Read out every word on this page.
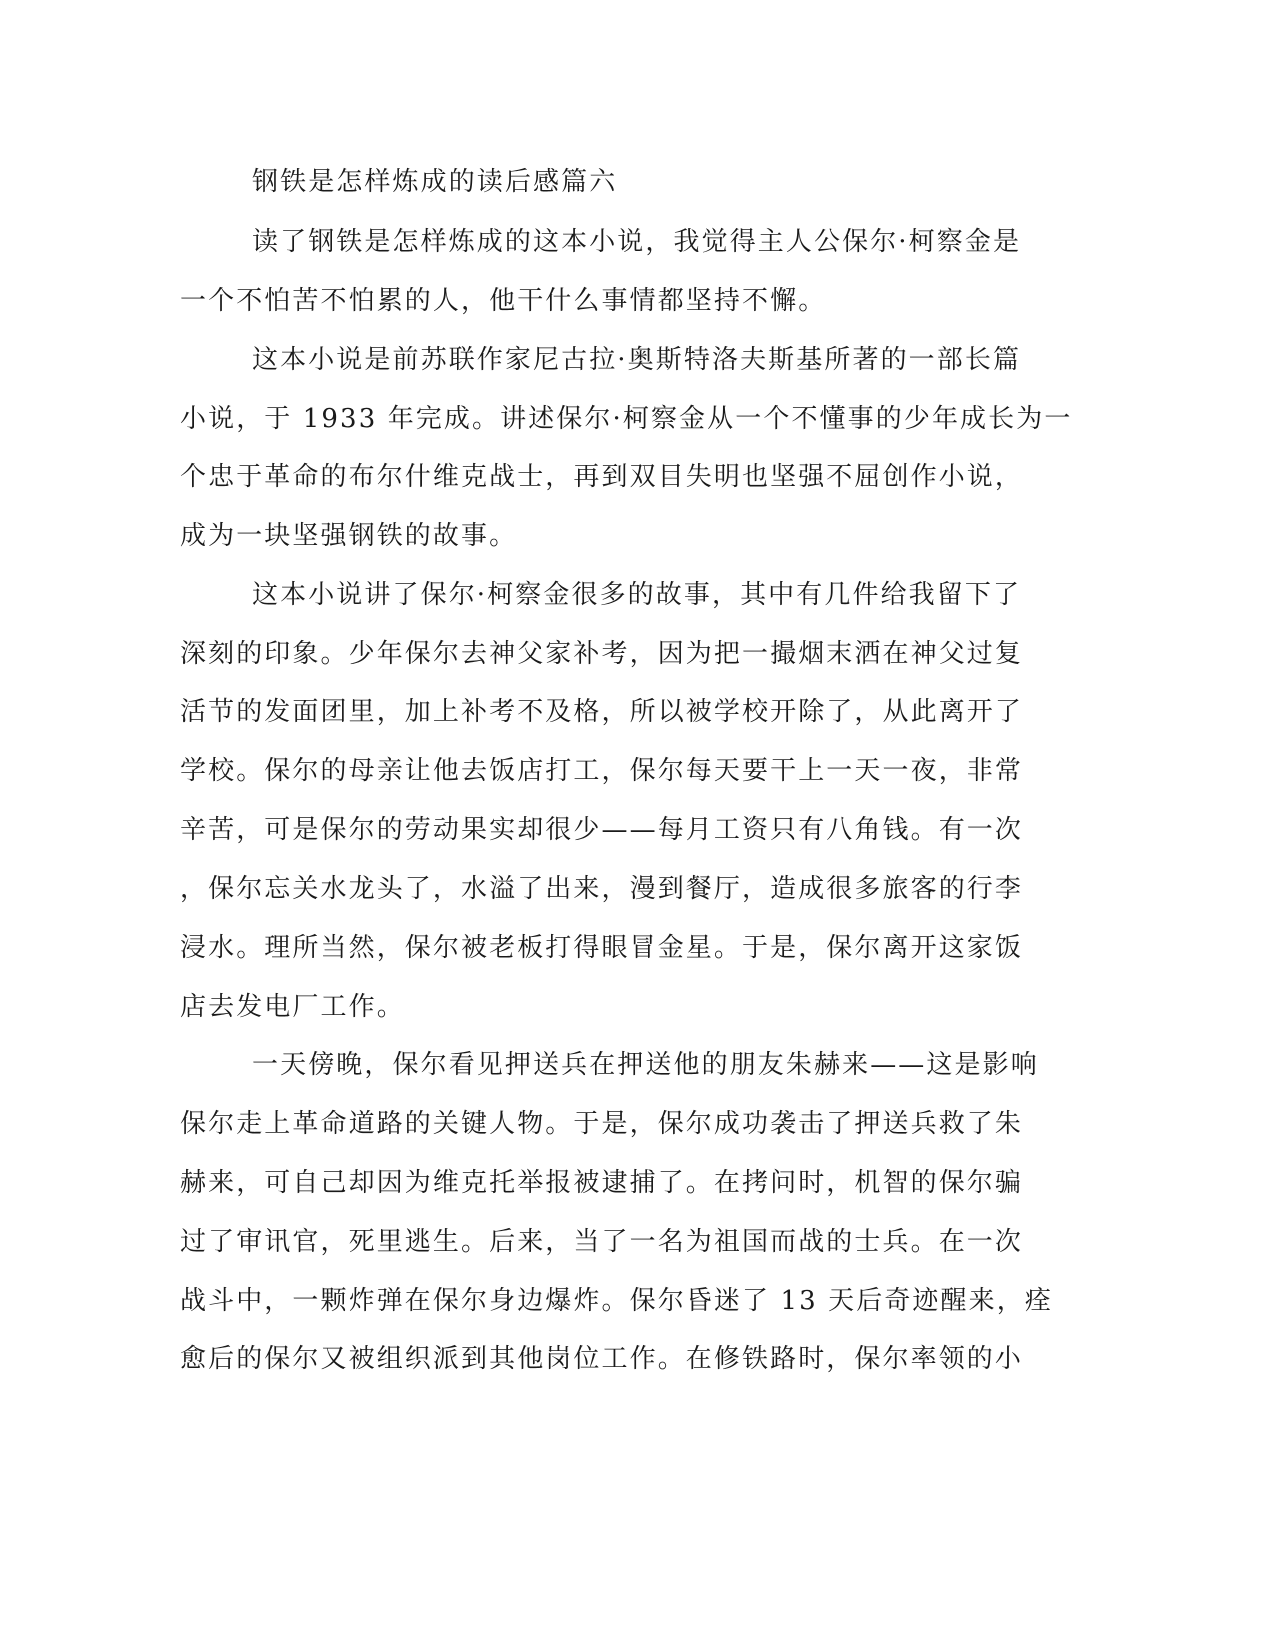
钢铁是怎样炼成的读后感篇六
读了钢铁是怎样炼成的这本小说，我觉得主人公保尔·柯察金是
一个不怕苦不怕累的人，他干什么事情都坚持不懈。
这本小说是前苏联作家尼古拉·奥斯特洛夫斯基所著的一部长篇
小说，于 1933 年完成。讲述保尔·柯察金从一个不懂事的少年成长为一
个忠于革命的布尔什维克战士，再到双目失明也坚强不屈创作小说，
成为一块坚强钢铁的故事。
这本小说讲了保尔·柯察金很多的故事，其中有几件给我留下了
深刻的印象。少年保尔去神父家补考，因为把一撮烟末洒在神父过复
活节的发面团里，加上补考不及格，所以被学校开除了，从此离开了
学校。保尔的母亲让他去饭店打工，保尔每天要干上一天一夜，非常
辛苦，可是保尔的劳动果实却很少——每月工资只有八角钱。有一次
，保尔忘关水龙头了，水溢了出来，漫到餐厅，造成很多旅客的行李
浸水。理所当然，保尔被老板打得眼冒金星。于是，保尔离开这家饭
店去发电厂工作。
一天傍晚，保尔看见押送兵在押送他的朋友朱赫来——这是影响
保尔走上革命道路的关键人物。于是，保尔成功袭击了押送兵救了朱
赫来，可自己却因为维克托举报被逮捕了。在拷问时，机智的保尔骗
过了审讯官，死里逃生。后来，当了一名为祖国而战的士兵。在一次
战斗中，一颗炸弹在保尔身边爆炸。保尔昏迷了 13 天后奇迹醒来，痊
愈后的保尔又被组织派到其他岗位工作。在修铁路时，保尔率领的小
